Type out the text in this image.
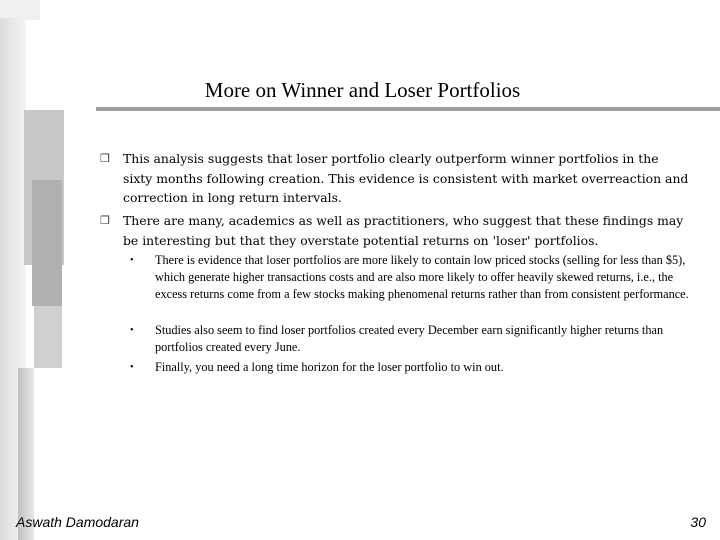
More on Winner and Loser Portfolios
❒ This analysis suggests that loser portfolio clearly outperform winner portfolios in the sixty months following creation. This evidence is consistent with market overreaction and correction in long return intervals.
❒ There are many, academics as well as practitioners, who suggest that these findings may be interesting but that they overstate potential returns on 'loser' portfolios.
• There is evidence that loser portfolios are more likely to contain low priced stocks (selling for less than $5), which generate higher transactions costs and are also more likely to offer heavily skewed returns, i.e., the excess returns come from a few stocks making phenomenal returns rather than from consistent performance.
• Studies also seem to find loser portfolios created every December earn significantly higher returns than portfolios created every June.
• Finally, you need a long time horizon for the loser portfolio to win out.
Aswath Damodaran	30
